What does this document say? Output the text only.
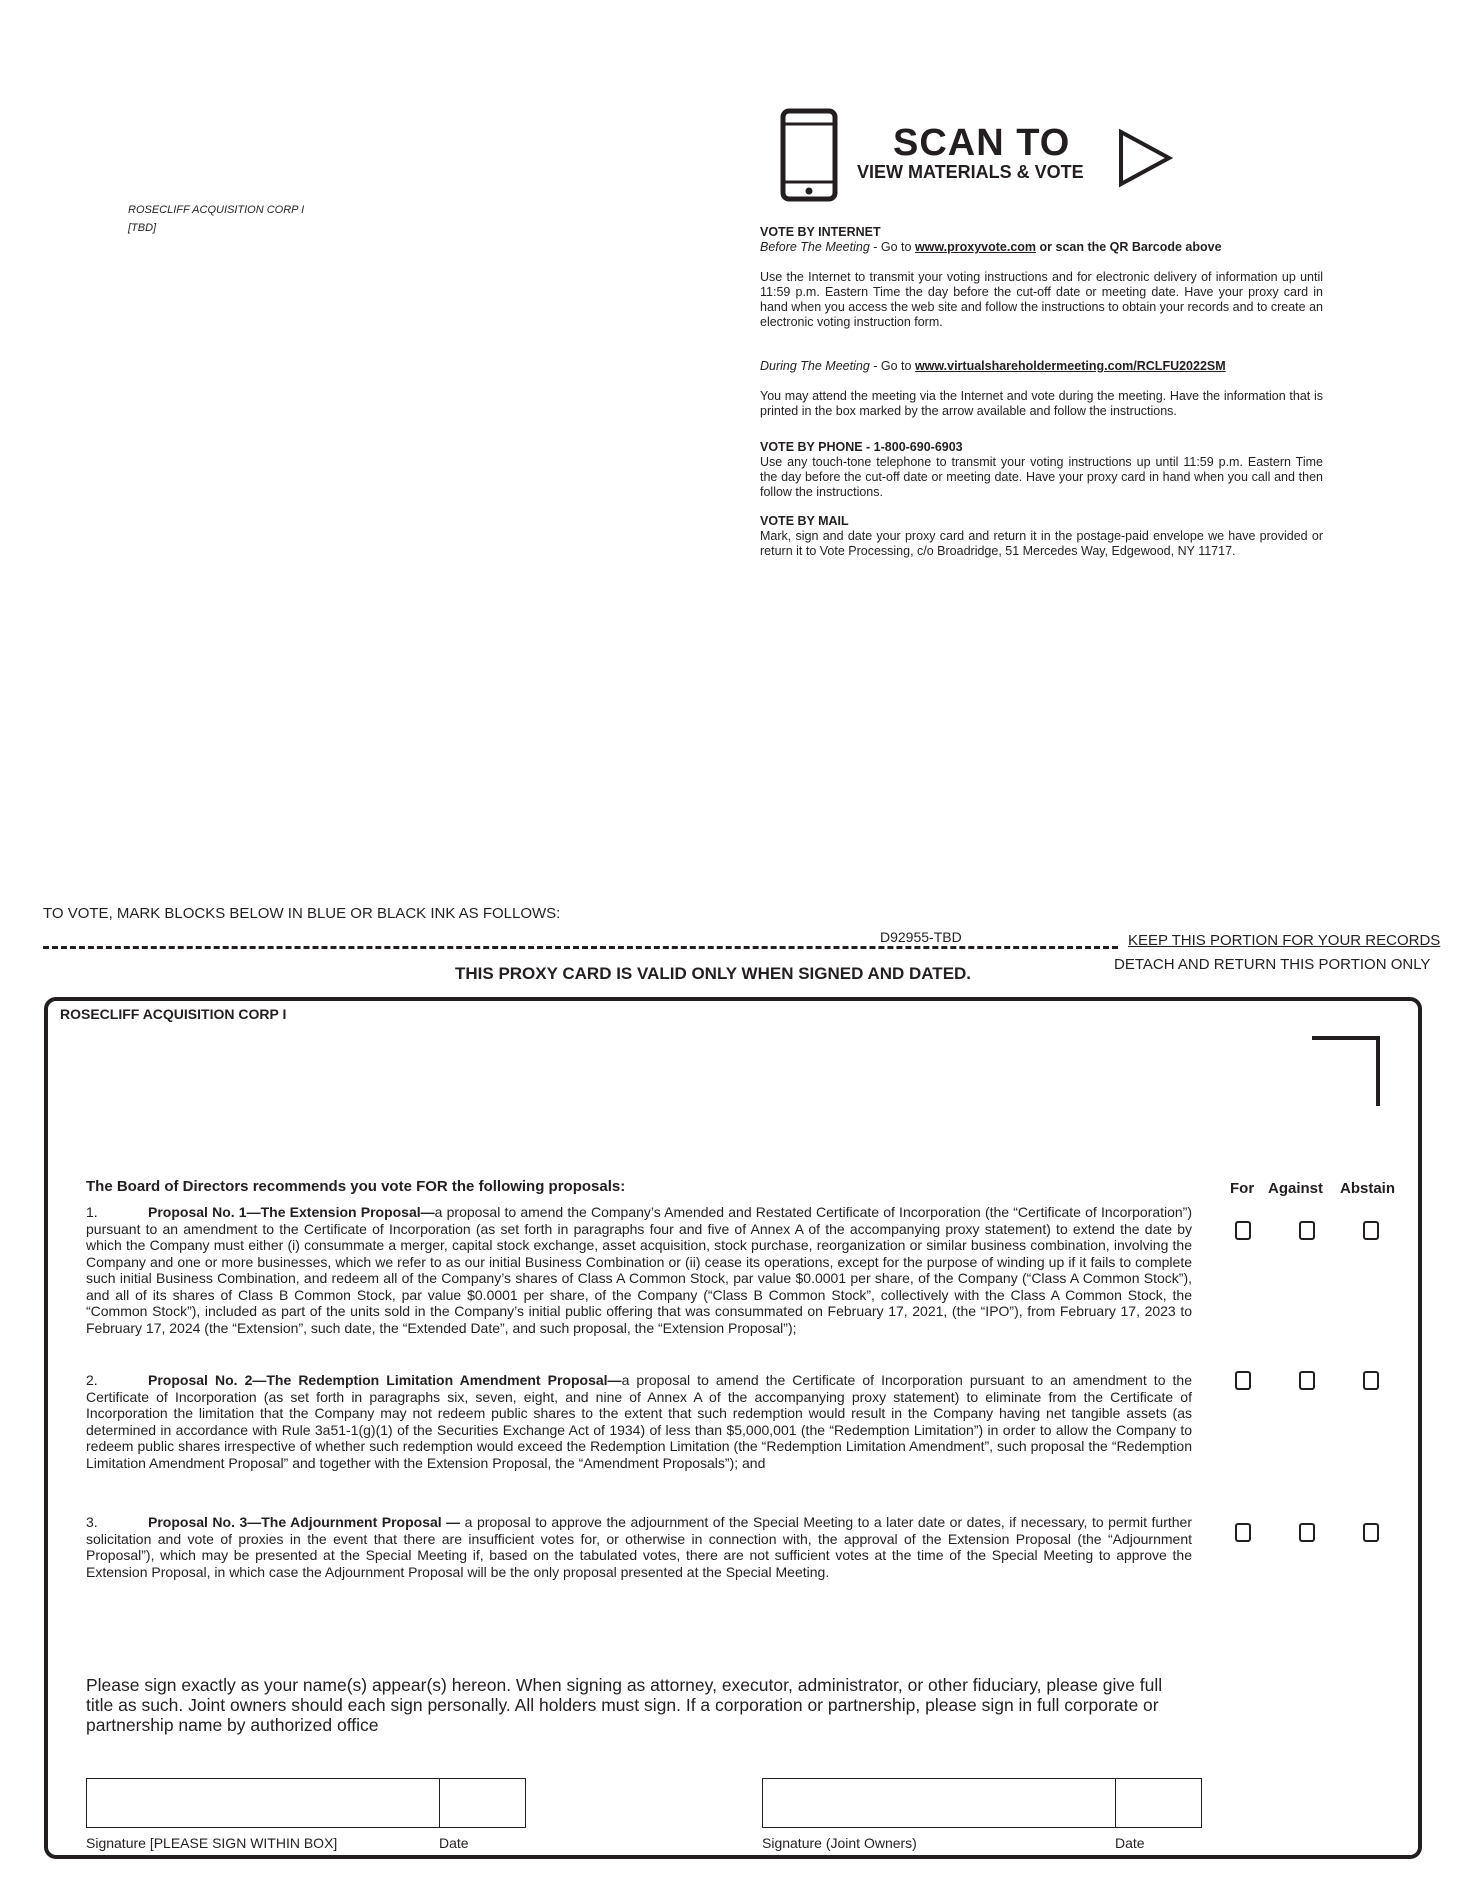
ROSECLIFF ACQUISITION CORP I
[TBD]
SCAN TO
VIEW MATERIALS & VOTE
VOTE BY INTERNET
Before The Meeting - Go to www.proxyvote.com or scan the QR Barcode above

Use the Internet to transmit your voting instructions and for electronic delivery of information up until 11:59 p.m. Eastern Time the day before the cut-off date or meeting date. Have your proxy card in hand when you access the web site and follow the instructions to obtain your records and to create an electronic voting instruction form.

During The Meeting - Go to www.virtualshareholdermeeting.com/RCLFU2022SM

You may attend the meeting via the Internet and vote during the meeting. Have the information that is printed in the box marked by the arrow available and follow the instructions.

VOTE BY PHONE - 1-800-690-6903

Use any touch-tone telephone to transmit your voting instructions up until 11:59 p.m. Eastern Time the day before the cut-off date or meeting date. Have your proxy card in hand when you call and then follow the instructions.

VOTE BY MAIL

Mark, sign and date your proxy card and return it in the postage-paid envelope we have provided or return it to Vote Processing, c/o Broadridge, 51 Mercedes Way, Edgewood, NY 11717.

TO VOTE, MARK BLOCKS BELOW IN BLUE OR BLACK INK AS FOLLOWS:
D92955-TBD	KEEP THIS PORTION FOR YOUR RECORDS
DETACH AND RETURN THIS PORTION ONLY
THIS PROXY CARD IS VALID ONLY WHEN SIGNED AND DATED.
ROSECLIFF ACQUISITION CORP I
The Board of Directors recommends you vote FOR the following proposals:	For Against Abstain
1.	Proposal No. 1—The Extension Proposal—a proposal to amend the Company’s Amended and Restated Certificate of Incorporation (the “Certificate of Incorporation”) pursuant to an amendment to the Certificate of Incorporation (as set forth in paragraphs four and five of Annex A of the accompanying proxy statement) to extend the date by which the Company must either (i) consummate a merger, capital stock exchange, asset acquisition, stock purchase, reorganization or similar business combination, involving the Company and one or more businesses, which we refer to as our initial Business Combination or (ii) cease its operations, except for the purpose of winding up if it fails to complete such initial Business Combination, and redeem all of the Company’s shares of Class A Common Stock, par value $0.0001 per share, of the Company (“Class A Common Stock”), and all of its shares of Class B Common Stock, par value $0.0001 per share, of the Company (“Class B Common Stock”, collectively with the Class A Common Stock, the “Common Stock”), included as part of the units sold in the Company’s initial public offering that was consummated on February 17, 2021, (the “IPO”), from February 17, 2023 to February 17, 2024 (the “Extension”, such date, the “Extended Date”, and such proposal, the “Extension Proposal”);
2.	Proposal No. 2—The Redemption Limitation Amendment Proposal—a proposal to amend the Certificate of Incorporation pursuant to an amendment to the Certificate of Incorporation (as set forth in paragraphs six, seven, eight, and nine of Annex A of the accompanying proxy statement) to eliminate from the Certificate of Incorporation the limitation that the Company may not redeem public shares to the extent that such redemption would result in the Company having net tangible assets (as determined in accordance with Rule 3a51-1(g)(1) of the Securities Exchange Act of 1934) of less than $5,000,001 (the “Redemption Limitation”) in order to allow the Company to redeem public shares irrespective of whether such redemption would exceed the Redemption Limitation (the “Redemption Limitation Amendment”, such proposal the “Redemption Limitation Amendment Proposal” and together with the Extension Proposal, the “Amendment Proposals”); and
3.	Proposal No. 3—The Adjournment Proposal — a proposal to approve the adjournment of the Special Meeting to a later date or dates, if necessary, to permit further solicitation and vote of proxies in the event that there are insufficient votes for, or otherwise in connection with, the approval of the Extension Proposal (the “Adjournment Proposal”), which may be presented at the Special Meeting if, based on the tabulated votes, there are not sufficient votes at the time of the Special Meeting to approve the Extension Proposal, in which case the Adjournment Proposal will be the only proposal presented at the Special Meeting.
Please sign exactly as your name(s) appear(s) hereon. When signing as attorney, executor, administrator, or other fiduciary, please give full title as such. Joint owners should each sign personally. All holders must sign. If a corporation or partnership, please sign in full corporate or partnership name by authorized office
Signature [PLEASE SIGN WITHIN BOX]	Date	Signature (Joint Owners)	Date
